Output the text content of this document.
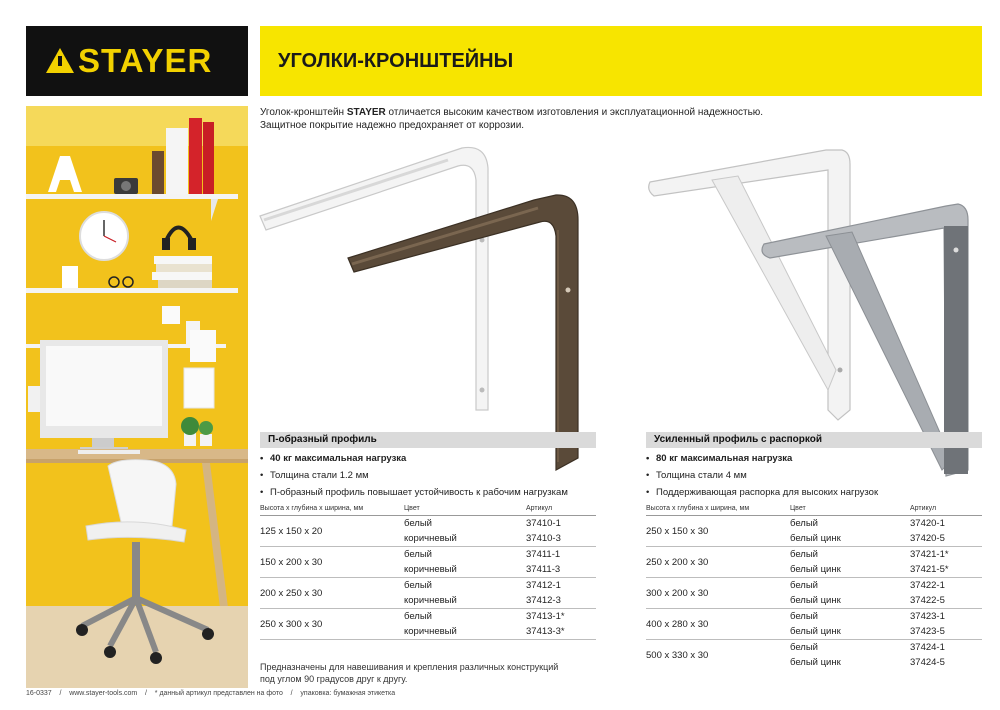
STAYER	УГОЛКИ-КРОНШТЕЙНЫ
Уголок-кронштейн STAYER отличается высоким качеством изготовления и эксплуатационной надежностью.
Защитное покрытие надежно предохраняет от коррозии.
П-образный профиль
• 40 кг максимальная нагрузка
• Толщина стали 1.2 мм
• П-образный профиль повышает устойчивость к рабочим нагрузкам
Высота х глубина х ширина, мм	Цвет	Артикул
125 х 150 х 20	белый	37410-1
	коричневый	37410-3
150 х 200 х 30	белый	37411-1
	коричневый	37411-3
200 х 250 х 30	белый	37412-1
	коричневый	37412-3
250 х 300 х 30	белый	37413-1*
	коричневый	37413-3*
Усиленный профиль с распоркой
• 80 кг максимальная нагрузка
• Толщина стали 4 мм
• Поддерживающая распорка для высоких нагрузок
Высота х глубина х ширина, мм	Цвет	Артикул
250 х 150 х 30	белый	37420-1
	белый цинк	37420-5
250 х 200 х 30	белый	37421-1*
	белый цинк	37421-5*
300 х 200 х 30	белый	37422-1
	белый цинк	37422-5
400 х 280 х 30	белый	37423-1
	белый цинк	37423-5
500 х 330 х 30	белый	37424-1
	белый цинк	37424-5
Предназначены для навешивания и крепления различных конструкций
под углом 90 градусов друг к другу.
16-0337    /    www.stayer-tools.com    /    * данный артикул представлен на фото    /    упаковка: бумажная этикетка
